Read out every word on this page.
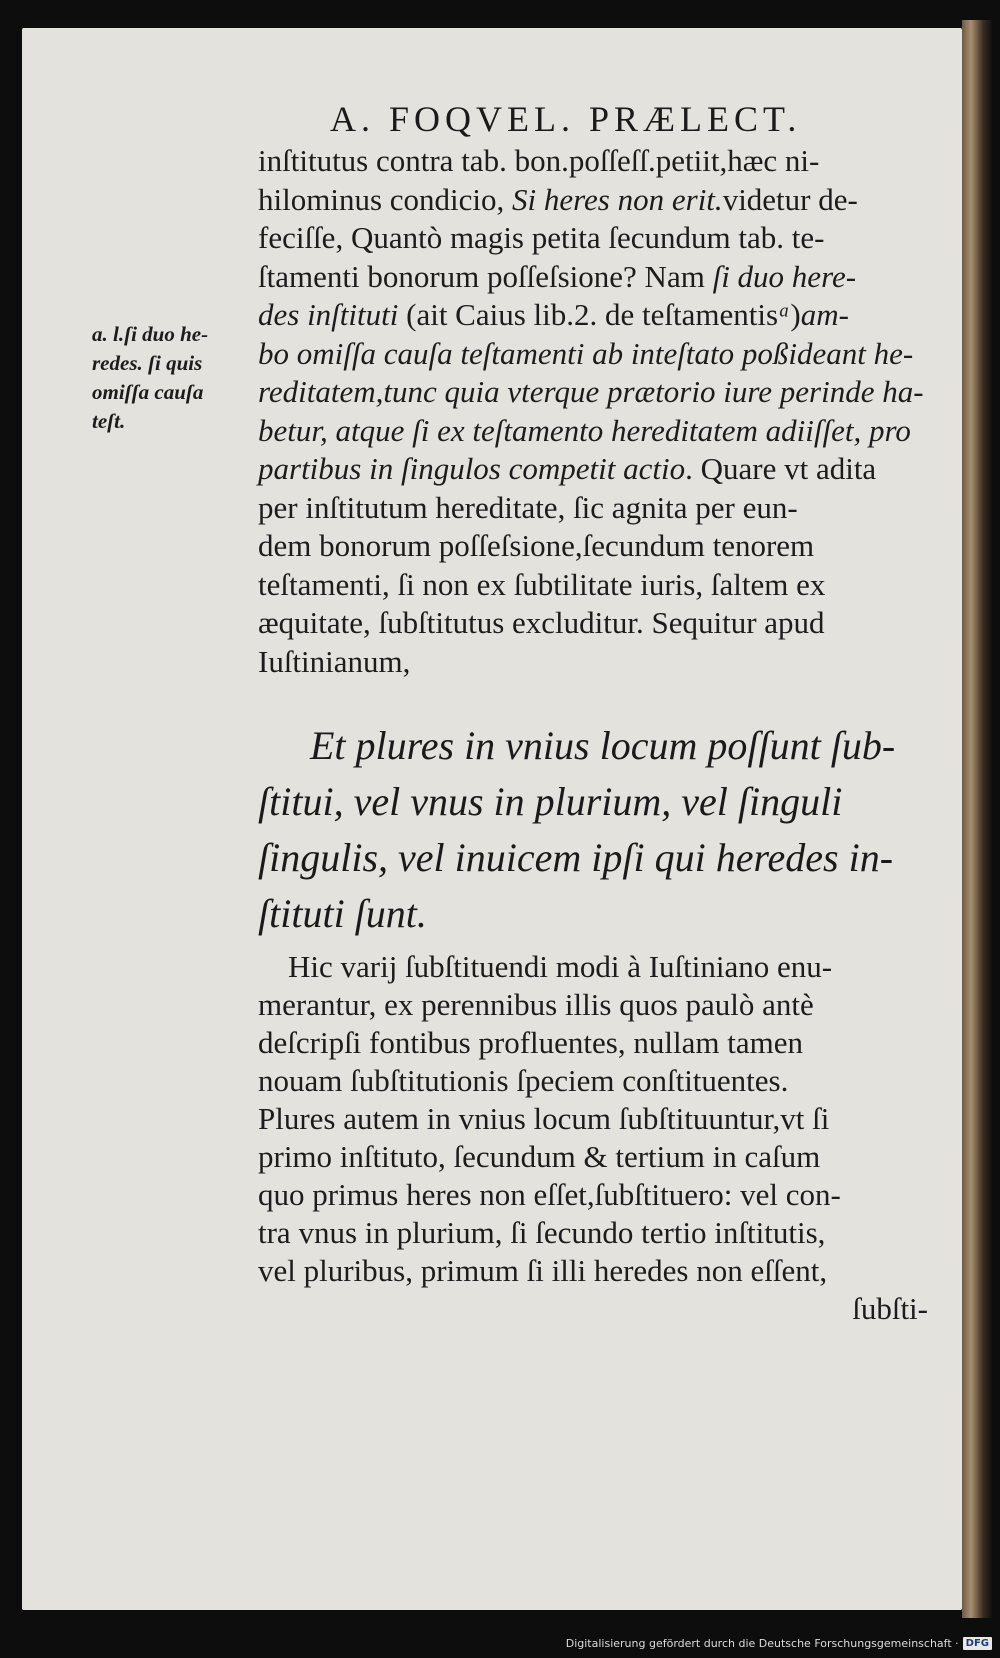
A. FOQVEL. PRÆLECT.
a. l.ſi duo he-
redes. ſi quis
omiſſa cauſa
teſt.
inſtitutus contra tab. bon.poſſeſſ.petiit,hæc ni-
hilominus condicio, Si heres non erit.videtur de-
feciſſe, Quantò magis petita ſecundum tab. te-
ſtamenti bonorum poſſeſsione? Nam ſi duo here-
des inſtituti (ait Caius lib.2. de teſtamentisᵃ)am-
bo omiſſa cauſa teſtamenti ab inteſtato poßideant he-
reditatem,tunc quia vterque prætorio iure perinde ha-
betur, atque ſi ex teſtamento hereditatem adiiſſet, pro
partibus in ſingulos competit actio. Quare vt adita
per inſtitutum hereditate, ſic agnita per eun-
dem bonorum poſſeſsione,ſecundum tenorem
teſtamenti, ſi non ex ſubtilitate iuris, ſaltem ex
æquitate, ſubſtitutus excluditur. Sequitur apud
Iuſtinianum,
Et plures in vnius locum poſſunt ſub-
ſtitui, vel vnus in plurium, vel ſinguli
ſingulis, vel inuicem ipſi qui heredes in-
ſtituti ſunt.
Hic varij ſubſtituendi modi à Iuſtiniano enu-
merantur, ex perennibus illis quos paulò antè
deſcripſi fontibus profluentes, nullam tamen
nouam ſubſtitutionis ſpeciem conſtituentes.
Plures autem in vnius locum ſubſtituuntur,vt ſi
primo inſtituto, ſecundum & tertium in caſum
quo primus heres non eſſet,ſubſtituero: vel con-
tra vnus in plurium, ſi ſecundo tertio inſtitutis,
vel pluribus, primum ſi illi heredes non eſſent,
ſubſti-
Digitalisierung gefördert durch die Deutsche Forschungsgemeinschaft · DFG
